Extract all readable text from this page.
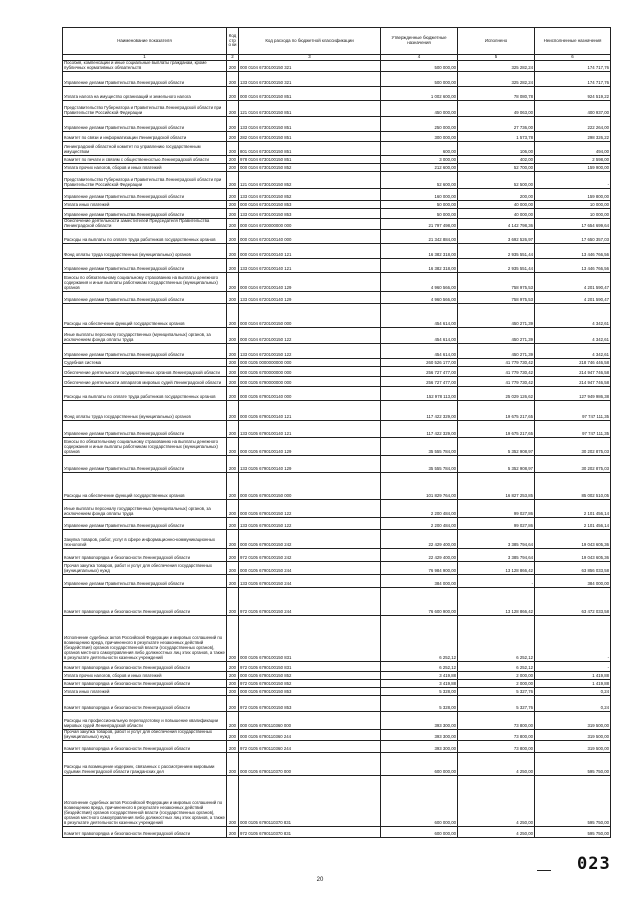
Наименование показателя	Код стро ки	Код расхода по бюджетной классификации	Утвержденные бюджетные назначения	Исполнено	Неисполненные назначения
1	2	3	4	5	6
Пособия, компенсации и иные социальные выплаты гражданам, кроме публичных нормативных обязательств	200	000 0104 6730100150 321	500 000,00	325 282,24	174 717,76
Управление делами Правительства Ленинградской области	200	133 0104 6730100150 321	500 000,00	325 282,24	174 717,76
Уплата налога на имущество организаций и земельного налога	200	000 0104 6730100150 851	1 002 600,00	78 080,78	924 519,22
Представительство Губернатора и Правительства Ленинградской области при Правительстве Российской Федерации	200	121 0104 6730100150 851	450 000,00	49 063,00	400 937,00
Управление делами Правительства Ленинградской области	200	133 0104 6730100150 851	250 000,00	27 736,00	222 264,00
Комитет по связи и информатизации Ленинградской области	200	282 0104 6730100150 851	300 000,00	1 573,78	298 326,22
Ленинградский областной комитет по управлению государственным имуществом	200	801 0104 6730100150 851	600,00	106,00	494,00
Комитет по печати и связям с общественностью Ленинградской области	200	978 0104 6730100150 851	3 000,00	402,00	2 598,00
Уплата прочих налогов, сборов и иных платежей	200	000 0104 6730100150 852	212 600,00	52 700,00	159 900,00
Представительство Губернатора и Правительства Ленинградской области при Правительстве Российской Федерации	200	121 0104 6730100150 852	52 600,00	52 500,00	-
Управление делами Правительства Ленинградской области	200	133 0104 6730100150 852	160 000,00	200,00	159 800,00
Уплата иных платежей	200	000 0104 6730100150 853	50 000,00	40 000,00	10 000,00
Управление делами Правительства Ленинградской области	200	133 0104 6730100150 853	50 000,00	40 000,00	10 000,00
Обеспечение деятельности заместителей Председателя Правительства Ленинградской области	200	000 0104 6720000000 000	21 797 498,00	4 142 798,36	17 654 699,64
Расходы на выплаты по оплате труда работников государственных органов	200	000 0104 6720100140 000	21 342 884,00	3 692 526,97	17 650 357,03
Фонд оплаты труда государственных (муниципальных) органов	200	000 0104 6720100140 121	16 382 318,00	2 935 551,44	13 446 766,56
Управление делами Правительства Ленинградской области	200	133 0104 6720100140 121	16 382 318,00	2 935 551,44	13 446 766,56
Взносы по обязательному социальному страхованию на выплаты денежного содержания и иные выплаты работникам государственных (муниципальных) органов	200	000 0104 6720100140 129	4 960 566,00	758 975,53	4 201 590,47
Управление делами Правительства Ленинградской области	200	133 0104 6720100140 129	4 960 566,00	758 975,53	4 201 590,47
Расходы на обеспечение функций государственных органов	200	000 0104 6720100150 000	454 614,00	450 271,39	4 342,61
Иные выплаты персоналу государственных (муниципальных) органов, за исключением фонда оплаты труда	200	000 0104 6720100150 122	454 614,00	450 271,39	4 342,61
Управление делами Правительства Ленинградской области	200	133 0104 6720100150 122	454 614,00	450 271,39	4 342,61
Судебная система	200	000 0105 0000000000 000	260 526 177,00	41 779 730,42	218 746 446,58
Обеспечение деятельности государственных органов Ленинградской области	200	000 0105 6700000000 000	256 727 477,00	41 779 730,42	214 947 746,58
Обеспечение деятельности аппаратов мировых судей Ленинградской области	200	000 0105 6790000000 000	256 727 477,00	41 779 730,42	214 947 746,58
Расходы на выплаты по оплате труда работников государственных органов	200	000 0105 6790100140 000	152 978 113,00	25 029 126,62	127 949 986,38
Фонд оплаты труда государственных (муниципальных) органов	200	000 0105 6790100140 121	117 422 329,00	19 675 217,65	97 747 111,35
Управление делами Правительства Ленинградской области	200	133 0105 6790100140 121	117 422 329,00	19 675 217,65	97 747 111,35
Взносы по обязательному социальному страхованию на выплаты денежного содержания и иные выплаты работникам государственных (муниципальных) органов	200	000 0105 6790100140 129	35 555 784,00	5 352 908,97	30 202 875,03
Управление делами Правительства Ленинградской области	200	133 0105 6790100140 129	35 555 784,00	5 352 908,97	30 202 875,03
Расходы на обеспечение функций государственных органов	200	000 0105 6790100150 000	101 829 764,00	16 827 253,85	85 002 510,05
Иные выплаты персоналу государственных (муниципальных) органов, за исключением фонда оплаты труда	200	000 0105 6790100150 122	2 200 484,00	99 027,86	2 101 456,14
Управление делами Правительства Ленинградской области	200	133 0105 6790100150 122	2 200 484,00	99 027,86	2 101 456,14
Закупка товаров, работ, услуг в сфере информационно-коммуникационных технологий	200	000 0105 6790100150 242	22 429 400,00	3 385 794,64	19 043 605,36
Комитет правопорядка и безопасности Ленинградской области	200	972 0105 6790100150 242	22 429 400,00	3 385 794,64	19 043 605,36
Прочая закупка товаров, работ и услуг для обеспечения государственных (муниципальных) нужд	200	000 0105 6790100150 244	76 984 900,00	13 128 866,42	63 856 033,58
Управление делами Правительства Ленинградской области	200	133 0105 6790100150 244	384 000,00	-	384 000,00
Комитет правопорядка и безопасности Ленинградской области	200	972 0105 6790100150 244	76 600 900,00	13 128 866,42	63 472 033,58
Исполнение судебных актов Российской Федерации и мировых соглашений по возмещению вреда, причиненного в результате незаконных действий (бездействия) органов государственной власти (государственных органов), органов местного самоуправления либо должностных лиц этих органов, а также в результате деятельности казенных учреждений	200	000 0105 6790100150 831	6 252,12	6 252,12	-
Комитет правопорядка и безопасности Ленинградской области	200	972 0105 6790100150 831	6 252,12	6 252,12	-
Уплата прочих налогов, сборов и иных платежей	200	000 0105 6790100150 852	3 419,88	2 000,00	1 419,88
Комитет правопорядка и безопасности Ленинградской области	200	972 0105 6790100150 852	3 419,88	2 000,00	1 419,88
Уплата иных платежей	200	000 0105 6790100150 853	5 328,00	5 327,76	0,24
Комитет правопорядка и безопасности Ленинградской области	200	972 0105 6790100150 853	5 328,00	5 327,76	0,24
Расходы на профессиональную переподготовку и повышение квалификации мировых судей Ленинградской области	200	000 0105 6790110360 000	393 300,00	73 800,00	319 500,00
Прочая закупка товаров, работ и услуг для обеспечения государственных (муниципальных) нужд	200	000 0105 6790110360 244	393 300,00	73 800,00	319 500,00
Комитет правопорядка и безопасности Ленинградской области	200	972 0105 6790110360 244	393 300,00	73 800,00	319 500,00
Расходы на возмещение издержек, связанных с рассмотрением мировыми судьями Ленинградской области гражданских дел	200	000 0105 6790110370 000	600 000,00	4 250,00	595 750,00
Исполнение судебных актов Российской Федерации и мировых соглашений по возмещению вреда, причиненного в результате незаконных действий (бездействия) органов государственной власти (государственных органов), органов местного самоуправления либо должностных лиц этих органов, а также в результате деятельности казенных учреждений	200	000 0105 6790110370 831	600 000,00	4 250,00	595 750,00
Комитет правопорядка и безопасности Ленинградской области	200	972 0105 6790110370 831	600 000,00	4 250,00	595 750,00
20
023
